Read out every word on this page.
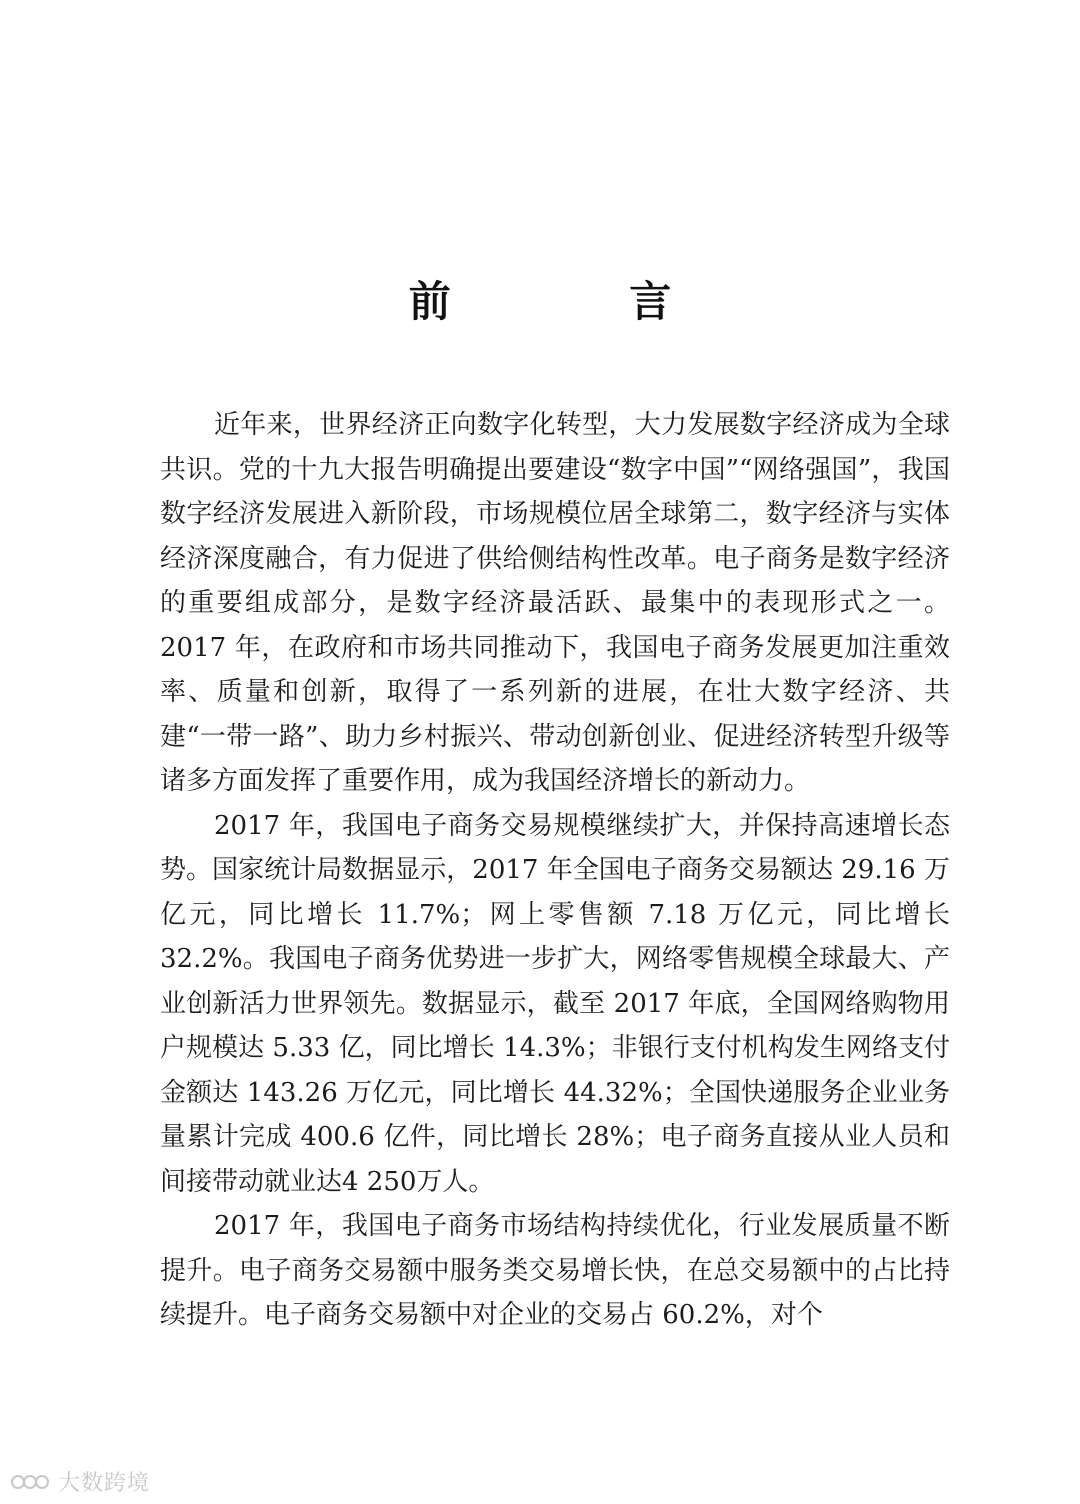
前 言

近年来，世界经济正向数字化转型，大力发展数字经济成为全球共识。党的十九大报告明确提出要建设“数字中国”“网络强国”，我国数字经济发展进入新阶段，市场规模位居全球第二，数字经济与实体经济深度融合，有力促进了供给侧结构性改革。电子商务是数字经济的重要组成部分，是数字经济最活跃、最集中的表现形式之一。2017 年，在政府和市场共同推动下，我国电子商务发展更加注重效率、质量和创新，取得了一系列新的进展，在壮大数字经济、共建“一带一路”、助力乡村振兴、带动创新创业、促进经济转型升级等诸多方面发挥了重要作用，成为我国经济增长的新动力。

2017 年，我国电子商务交易规模继续扩大，并保持高速增长态势。国家统计局数据显示，2017 年全国电子商务交易额达 29.16 万亿元，同比增长 11.7%；网上零售额 7.18 万亿元，同比增长 32.2%。我国电子商务优势进一步扩大，网络零售规模全球最大、产业创新活力世界领先。数据显示，截至 2017 年底，全国网络购物用户规模达 5.33 亿，同比增长 14.3%；非银行支付机构发生网络支付金额达 143.26 万亿元，同比增长 44.32%；全国快递服务企业业务量累计完成 400.6 亿件，同比增长 28%；电子商务直接从业人员和间接带动就业达4 250万人。

2017 年，我国电子商务市场结构持续优化，行业发展质量不断提升。电子商务交易额中服务类交易增长快，在总交易额中的占比持续提升。电子商务交易额中对企业的交易占 60.2%，对个

大数跨境
